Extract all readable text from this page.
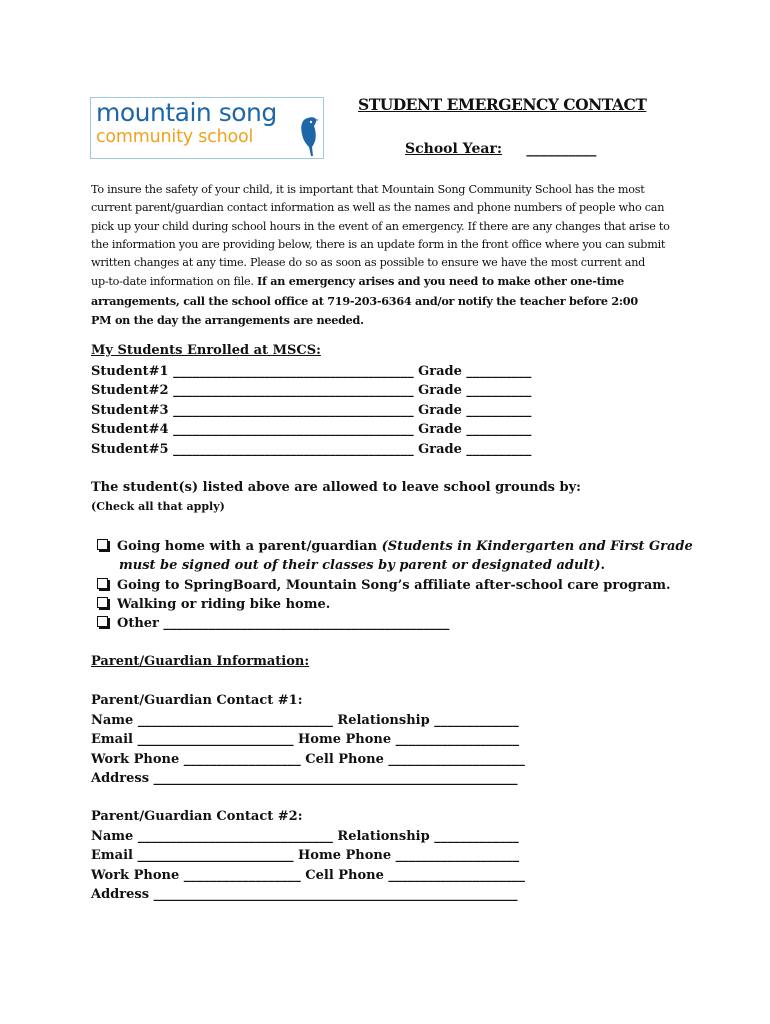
mountain song
community school
STUDENT EMERGENCY CONTACT
School Year: __________
To insure the safety of your child, it is important that Mountain Song Community School has the most
current parent/guardian contact information as well as the names and phone numbers of people who can
pick up your child during school hours in the event of an emergency. If there are any changes that arise to
the information you are providing below, there is an update form in the front office where you can submit
written changes at any time. Please do so as soon as possible to ensure we have the most current and
up-to-date information on file. If an emergency arises and you need to make other one-time
arrangements, call the school office at 719-203-6364 and/or notify the teacher before 2:00
PM on the day the arrangements are needed.
My Students Enrolled at MSCS:
Student#1 _____________________________________ Grade __________
Student#2 _____________________________________ Grade __________
Student#3 _____________________________________ Grade __________
Student#4 _____________________________________ Grade __________
Student#5 _____________________________________ Grade __________
The student(s) listed above are allowed to leave school grounds by:
(Check all that apply)
Going home with a parent/guardian (Students in Kindergarten and First Grade
must be signed out of their classes by parent or designated adult).
Going to SpringBoard, Mountain Song’s affiliate after-school care program.
Walking or riding bike home.
Other ____________________________________________
Parent/Guardian Information:
Parent/Guardian Contact #1:
Name ______________________________ Relationship _____________
Email ________________________ Home Phone ___________________
Work Phone __________________ Cell Phone _____________________
Address ________________________________________________________
Parent/Guardian Contact #2:
Name ______________________________ Relationship _____________
Email ________________________ Home Phone ___________________
Work Phone __________________ Cell Phone _____________________
Address ________________________________________________________
